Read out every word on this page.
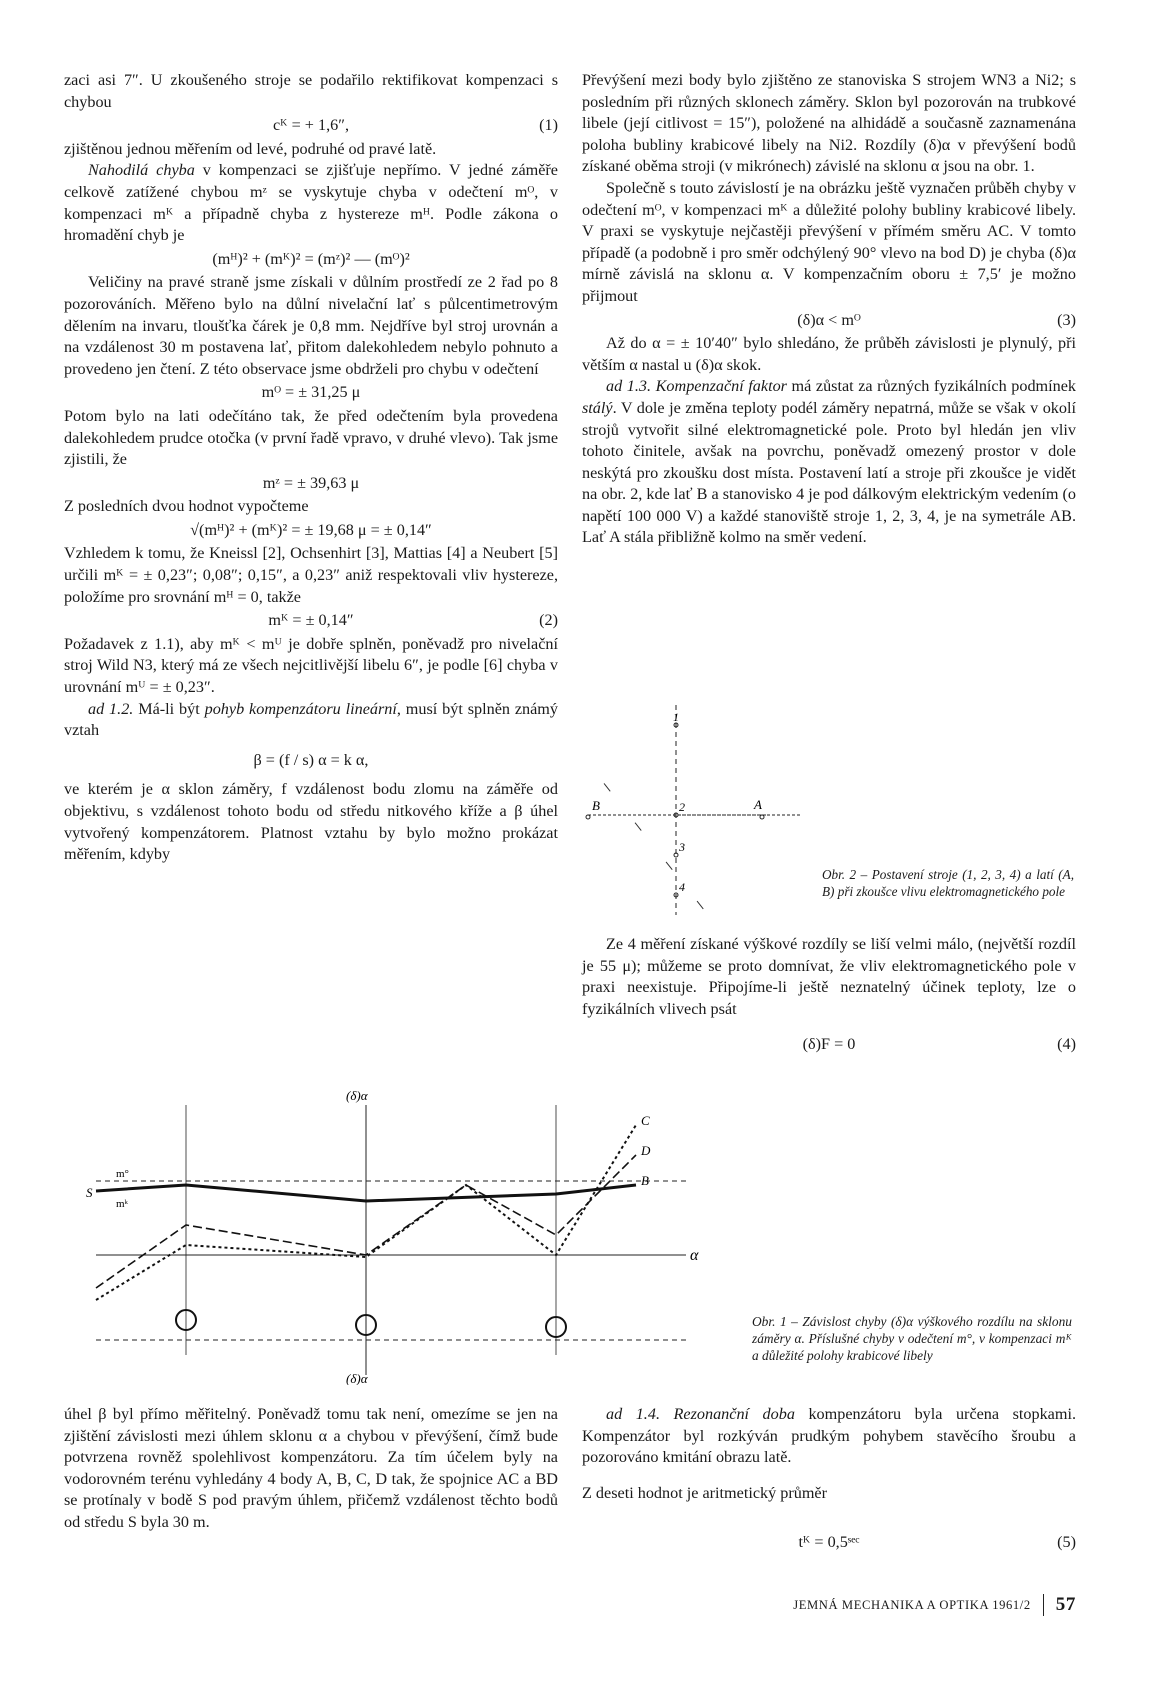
zaci asi 7″. U zkoušeného stroje se podařilo rektifikovat kompenzaci s chybou

cᴷ = + 1,6″,	(1)

zjištěnou jednou měřením od levé, podruhé od pravé latě.

Nahodilá chyba v kompenzaci se zjišťuje nepřímo. V jedné záměře celkově zatížené chybou mᶻ se vyskytuje chyba v odečtení mᴼ, v kompenzaci mᴷ a případně chyba z hystereze mᴴ. Podle zákona o hromadění chyb je

(mᴴ)² + (mᴷ)² = (mᶻ)² — (mᴼ)²

Veličiny na pravé straně jsme získali v důlním prostředí ze 2 řad po 8 pozorováních. Měřeno bylo na důlní nivelační lať s půlcentimetrovým dělením na invaru, tloušťka čárek je 0,8 mm. Nejdříve byl stroj urovnán a na vzdálenost 30 m postavena lať, přitom dalekohledem nebylo pohnuto a provedeno jen čtení. Z této observace jsme obdrželi pro chybu v odečtení

mᴼ = ± 31,25 μ

Potom bylo na lati odečítáno tak, že před odečtením byla provedena dalekohledem prudce otočka (v první řadě vpravo, v druhé vlevo). Tak jsme zjistili, že

mᶻ = ± 39,63 μ

Z posledních dvou hodnot vypočteme

√(mᴴ)² + (mᴷ)² = ± 19,68 μ = ± 0,14″

Vzhledem k tomu, že Kneissl [2], Ochsenhirt [3], Mattias [4] a Neubert [5] určili mᴷ = ± 0,23″; 0,08″; 0,15″, a 0,23″ aniž respektovali vliv hystereze, položíme pro srovnání mᴴ = 0, takže

mᴷ = ± 0,14″	(2)

Požadavek z 1.1), aby mᴷ < mᵁ je dobře splněn, poněvadž pro nivelační stroj Wild N3, který má ze všech nejcitlivější libelu 6″, je podle [6] chyba v urovnání mᵁ = ± 0,23″.

ad 1.2. Má-li být pohyb kompenzátoru lineární, musí být splněn známý vztah

β = (f / s) α = k α,

ve kterém je α sklon záměry, f vzdálenost bodu zlomu na záměře od objektivu, s vzdálenost tohoto bodu od středu nitkového kříže a β úhel vytvořený kompenzátorem. Platnost vztahu by bylo možno prokázat měřením, kdyby

Převýšení mezi body bylo zjištěno ze stanoviska S strojem WN3 a Ni2; s posledním při různých sklonech záměry. Sklon byl pozorován na trubkové libele (její citlivost = 15″), položené na alhidádě a současně zaznamenána poloha bubliny krabicové libely na Ni2. Rozdíly (δ)α v převýšení bodů získané oběma stroji (v mikrónech) závislé na sklonu α jsou na obr. 1.

Společně s touto závislostí je na obrázku ještě vyznačen průběh chyby v odečtení mᴼ, v kompenzaci mᴷ a důležité polohy bubliny krabicové libely. V praxi se vyskytuje nejčastěji převýšení v přímém směru AC. V tomto případě (a podobně i pro směr odchýlený 90° vlevo na bod D) je chyba (δ)α mírně závislá na sklonu α. V kompenzačním oboru ± 7,5′ je možno přijmout

(δ)α < mᴼ	(3)

Až do α = ± 10′40″ bylo shledáno, že průběh závislosti je plynulý, při větším α nastal u (δ)α skok.

ad 1.3. Kompenzační faktor má zůstat za různých fyzikálních podmínek stálý. V dole je změna teploty podél záměry nepatrná, může se však v okolí strojů vytvořit silné elektromagnetické pole. Proto byl hledán jen vliv tohoto činitele, avšak na povrchu, poněvadž omezený prostor v dole neskýtá pro zkoušku dost místa. Postavení latí a stroje při zkoušce je vidět na obr. 2, kde lať B a stanovisko 4 je pod dálkovým elektrickým vedením (o napětí 100 000 V) a každé stanoviště stroje 1, 2, 3, 4, je na symetrále AB. Lať A stála přibližně kolmo na směr vedení.

B	A
1
2
3
4
Obr. 2 – Postavení stroje (1, 2, 3, 4) a latí (A, B) při zkoušce vlivu elektromagnetického pole

Ze 4 měření získané výškové rozdíly se liší velmi málo, (největší rozdíl je 55 μ); můžeme se proto domnívat, že vliv elektromagnetického pole v praxi neexistuje. Připojíme-li ještě neznatelný účinek teploty, lze o fyzikálních vlivech psát

(δ)F = 0	(4)
(δ)α
(δ)α
α
C
D
B
S
m°
mᵏ
Obr. 1 – Závislost chyby (δ)α výškového rozdílu na sklonu záměry α. Příslušné chyby v odečtení m°, v kompenzaci mᴷ a důležité polohy krabicové libely

úhel β byl přímo měřitelný. Poněvadž tomu tak není, omezíme se jen na zjištění závislosti mezi úhlem sklonu α a chybou v převýšení, čímž bude potvrzena rovněž spolehlivost kompenzátoru. Za tím účelem byly na vodorovném terénu vyhledány 4 body A, B, C, D tak, že spojnice AC a BD se protínaly v bodě S pod pravým úhlem, přičemž vzdálenost těchto bodů od středu S byla 30 m.

ad 1.4. Rezonanční doba kompenzátoru byla určena stopkami. Kompenzátor byl rozkýván prudkým pohybem stavěcího šroubu a pozorováno kmitání obrazu latě.

Z deseti hodnot je aritmetický průměr

tᴷ = 0,5ˢᵉᶜ	(5)
JEMNÁ MECHANIKA A OPTIKA 1961/2	57
